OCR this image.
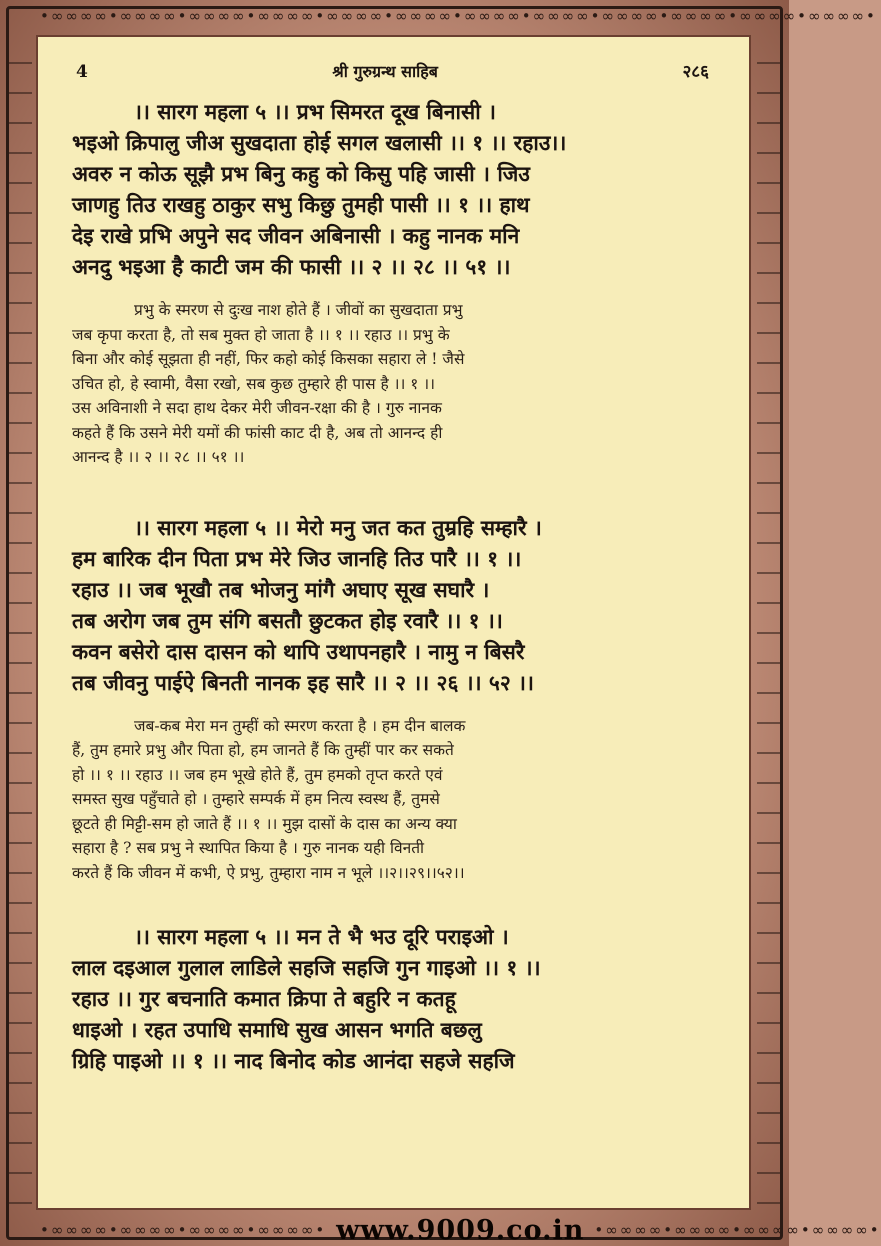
•∞∞∞∞•∞∞∞∞•∞∞∞∞•∞∞∞∞•∞∞∞∞•∞∞∞∞•∞∞∞∞•∞∞∞∞•∞∞∞∞•∞∞∞∞•∞∞∞∞•∞∞∞∞•
4	श्री गुरुग्रन्थ साहिब	२८६

।। सारग महला ५ ।। प्रभ सिमरत दूख बिनासी ।

भइओ क्रिपालु जीअ सुखदाता होई सगल खलासी ।। १ ।। रहाउ।।

अवरु न कोऊ सूझै प्रभ बिनु कहु को किसु पहि जासी । जिउ

जाणहु तिउ राखहु ठाकुर सभु किछु तुमही पासी ।। १ ।। हाथ

देइ राखे प्रभि अपुने सद जीवन अबिनासी । कहु नानक मनि

अनदु भइआ है काटी जम की फासी ।। २ ।। २८ ।। ५१ ।।

प्रभु के स्मरण से दुःख नाश होते हैं । जीवों का सुखदाता प्रभु

जब कृपा करता है, तो सब मुक्त हो जाता है ।। १ ।। रहाउ ।। प्रभु के

बिना और कोई सूझता ही नहीं, फिर कहो कोई किसका सहारा ले ! जैसे

उचित हो, हे स्वामी, वैसा रखो, सब कुछ तुम्हारे ही पास है ।। १ ।।

उस अविनाशी ने सदा हाथ देकर मेरी जीवन-रक्षा की है । गुरु नानक

कहते हैं कि उसने मेरी यमों की फांसी काट दी है, अब तो आनन्द ही

आनन्द है ।। २ ।। २८ ।। ५१ ।।

।। सारग महला ५ ।। मेरो मनु जत कत तुम्रहि सम्हारै ।

हम बारिक दीन पिता प्रभ मेरे जिउ जानहि तिउ पारै ।। १ ।।

रहाउ ।। जब भूखौ तब भोजनु मांगै अघाए सूख सघारै ।

तब अरोग जब तुम संगि बसतौ छुटकत होइ रवारै ।। १ ।।

कवन बसेरो दास दासन को थापि उथापनहारै । नामु न बिसरै

तब जीवनु पाईऐ बिनती नानक इह सारै ।। २ ।। २६ ।। ५२ ।।

जब-कब मेरा मन तुम्हीं को स्मरण करता है । हम दीन बालक

हैं, तुम हमारे प्रभु और पिता हो, हम जानते हैं कि तुम्हीं पार कर सकते

हो ।। १ ।। रहाउ ।। जब हम भूखे होते हैं, तुम हमको तृप्त करते एवं

समस्त सुख पहुँचाते हो । तुम्हारे सम्पर्क में हम नित्य स्वस्थ हैं, तुमसे

छूटते ही मिट्टी-सम हो जाते हैं ।। १ ।। मुझ दासों के दास का अन्य क्या

सहारा है ? सब प्रभु ने स्थापित किया है । गुरु नानक यही विनती

करते हैं कि जीवन में कभी, ऐ प्रभु, तुम्हारा नाम न भूले ।।२।।२९।।५२।।

।। सारग महला ५ ।। मन ते भै भउ दूरि पराइओ ।

लाल दइआल गुलाल लाडिले सहजि सहजि गुन गाइओ ।। १ ।।

रहाउ ।। गुर बचनाति कमात क्रिपा ते बहुरि न कतहू

धाइओ । रहत उपाधि समाधि सुख आसन भगति बछलु

ग्रिहि पाइओ ।। १ ।। नाद बिनोद कोड आनंदा सहजे सहजि

•∞∞∞∞•∞∞∞∞•∞∞∞∞•∞∞∞∞• www.9009.co.in •∞∞∞∞•∞∞∞∞•∞∞∞∞•∞∞∞∞•
